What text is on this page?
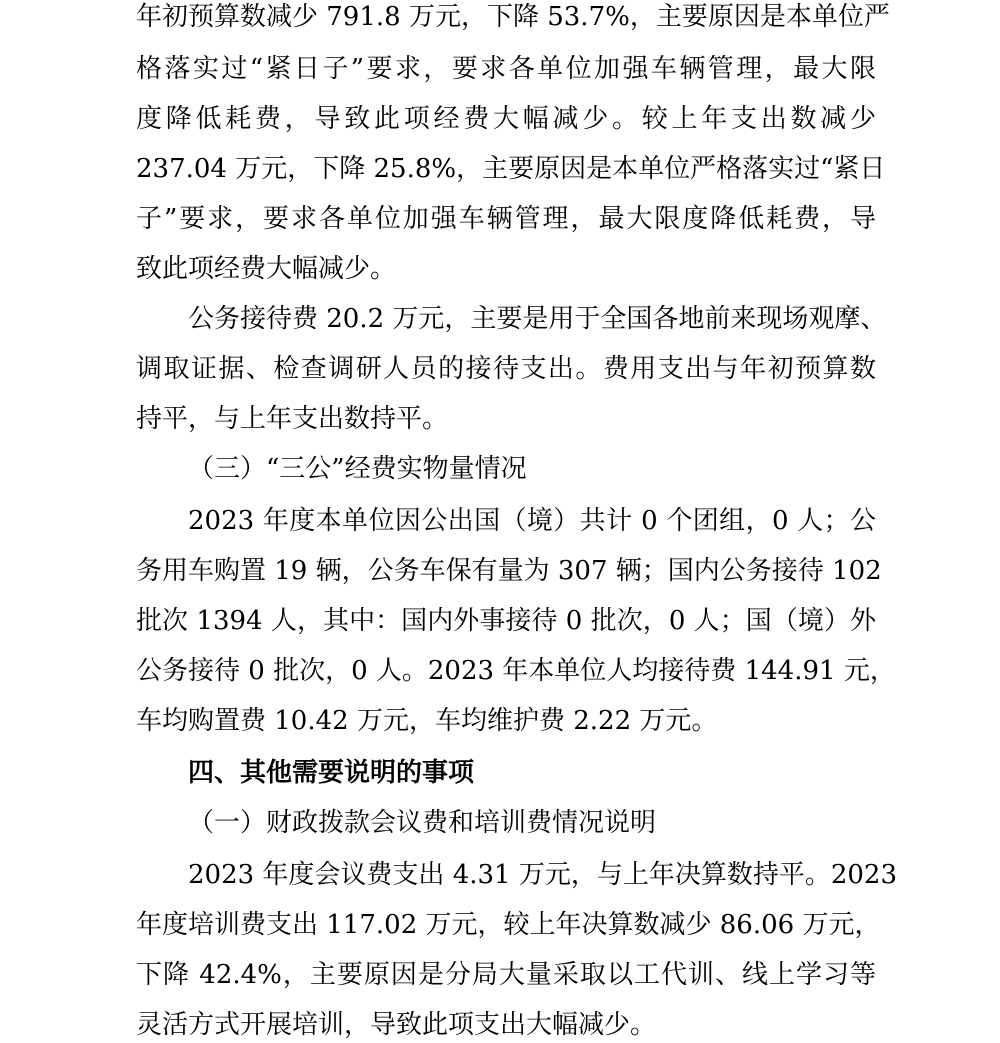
年初预算数减少 791.8 万元，下降 53.7%，主要原因是本单位严
格落实过“紧日子”要求，要求各单位加强车辆管理，最大限
度降低耗费，导致此项经费大幅减少。较上年支出数减少
237.04 万元，下降 25.8%，主要原因是本单位严格落实过“紧日
子”要求，要求各单位加强车辆管理，最大限度降低耗费，导
致此项经费大幅减少。
公务接待费 20.2 万元，主要是用于全国各地前来现场观摩、
调取证据、检查调研人员的接待支出。费用支出与年初预算数
持平，与上年支出数持平。
（三）“三公”经费实物量情况
2023 年度本单位因公出国（境）共计 0 个团组，0 人；公
务用车购置 19 辆，公务车保有量为 307 辆；国内公务接待 102
批次 1394 人，其中：国内外事接待 0 批次，0 人；国（境）外
公务接待 0 批次，0 人。2023 年本单位人均接待费 144.91 元，
车均购置费 10.42 万元，车均维护费 2.22 万元。
四、其他需要说明的事项
（一）财政拨款会议费和培训费情况说明
2023 年度会议费支出 4.31 万元，与上年决算数持平。2023
年度培训费支出 117.02 万元，较上年决算数减少 86.06 万元，
下降 42.4%，主要原因是分局大量采取以工代训、线上学习等
灵活方式开展培训，导致此项支出大幅减少。
